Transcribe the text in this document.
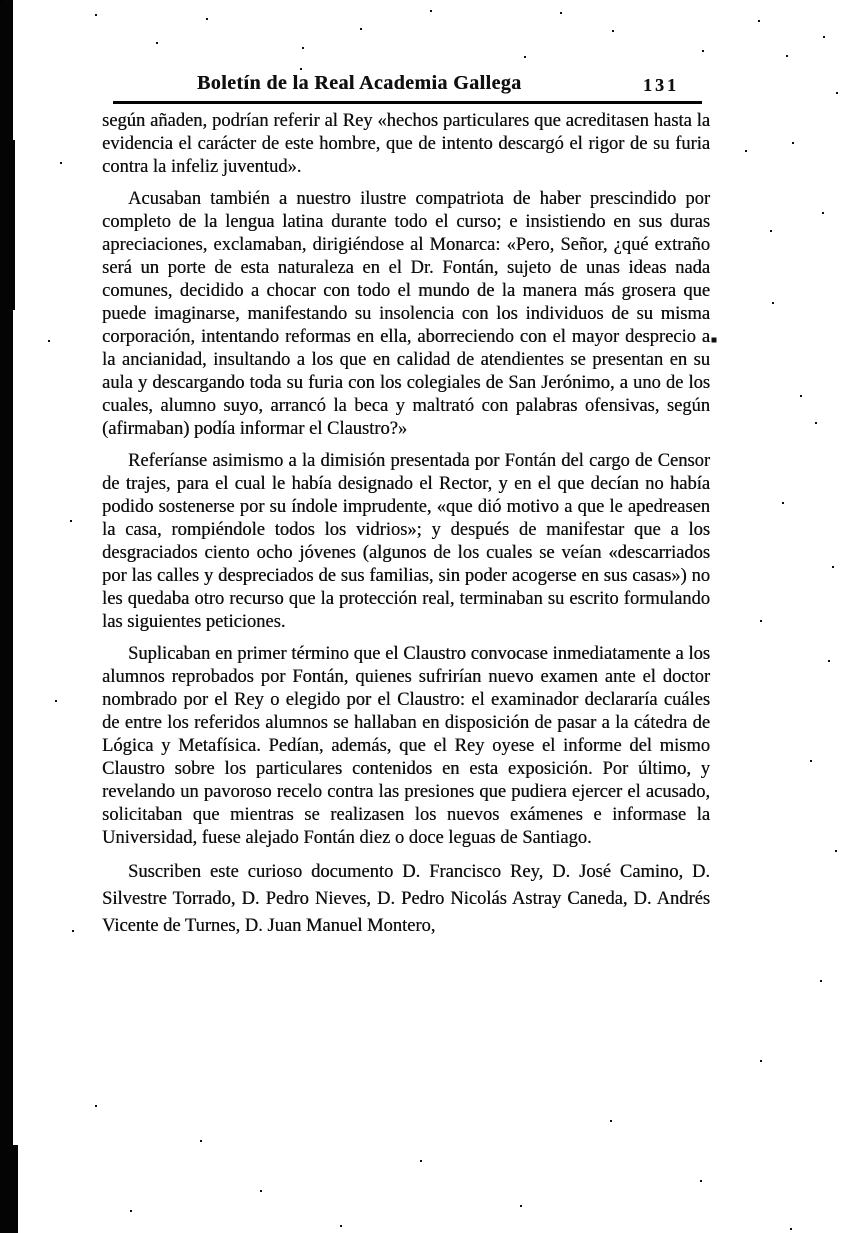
Boletín de la Real Academia Gallega	131

según añaden, podrían referir al Rey «hechos particulares que acreditasen hasta la evidencia el carácter de este hombre, que de intento descargó el rigor de su furia contra la infeliz juventud».

Acusaban también a nuestro ilustre compatriota de haber prescindido por completo de la lengua latina durante todo el curso; e insistiendo en sus duras apreciaciones, exclamaban, dirigiéndose al Monarca: «Pero, Señor, ¿qué extraño será un porte de esta naturaleza en el Dr. Fontán, sujeto de unas ideas nada comunes, decidido a chocar con todo el mundo de la manera más grosera que puede imaginarse, manifestando su insolencia con los individuos de su misma corporación, intentando reformas en ella, aborreciendo con el mayor desprecio a la ancianidad, insultando a los que en calidad de atendientes se presentan en su aula y descargando toda su furia con los colegiales de San Jerónimo, a uno de los cuales, alumno suyo, arrancó la beca y maltrató con palabras ofensivas, según (afirmaban) podía informar el Claustro?»

Referíanse asimismo a la dimisión presentada por Fontán del cargo de Censor de trajes, para el cual le había designado el Rector, y en el que decían no había podido sostenerse por su índole imprudente, «que dió motivo a que le apedreasen la casa, rompiéndole todos los vidrios»; y después de manifestar que a los desgraciados ciento ocho jóvenes (algunos de los cuales se veían «descarriados por las calles y despreciados de sus familias, sin poder acogerse en sus casas») no les quedaba otro recurso que la protección real, terminaban su escrito formulando las siguientes peticiones.

Suplicaban en primer término que el Claustro convocase inmediatamente a los alumnos reprobados por Fontán, quienes sufrirían nuevo examen ante el doctor nombrado por el Rey o elegido por el Claustro: el examinador declararía cuáles de entre los referidos alumnos se hallaban en disposición de pasar a la cátedra de Lógica y Metafísica. Pedían, además, que el Rey oyese el informe del mismo Claustro sobre los particulares contenidos en esta exposición. Por último, y revelando un pavoroso recelo contra las presiones que pudiera ejercer el acusado, solicitaban que mientras se realizasen los nuevos exámenes e informase la Universidad, fuese alejado Fontán diez o doce leguas de Santiago.

Suscriben este curioso documento D. Francisco Rey, D. José Camino, D. Silvestre Torrado, D. Pedro Nieves, D. Pedro Nicolás Astray Caneda, D. Andrés Vicente de Turnes, D. Juan Manuel Montero,
